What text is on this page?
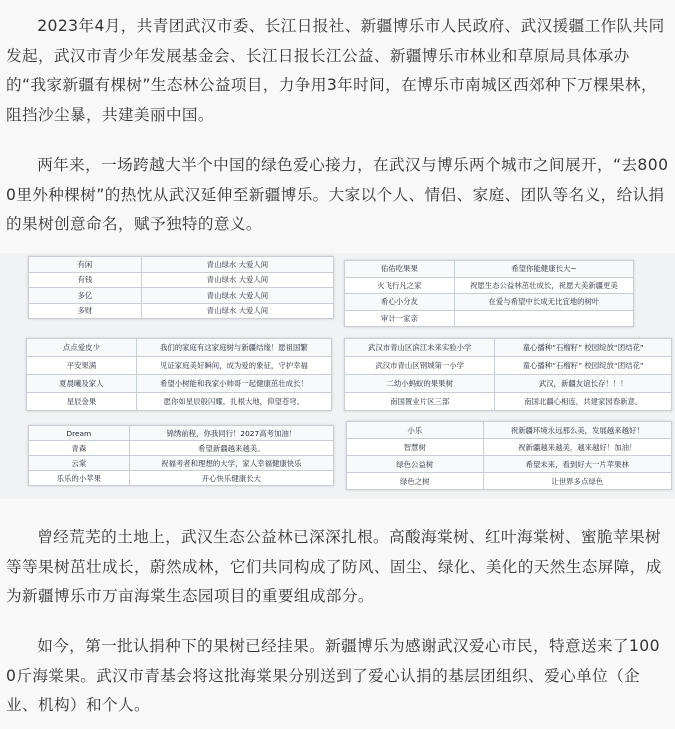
2023年4月，共青团武汉市委、长江日报社、新疆博乐市人民政府、武汉援疆工作队共同发起，武汉市青少年发展基金会、长江日报长江公益、新疆博乐市林业和草原局具体承办的“我家新疆有棵树”生态林公益项目，力争用3年时间，在博乐市南城区西郊种下万棵果林，阻挡沙尘暴，共建美丽中国。

两年来，一场跨越大半个中国的绿色爱心接力，在武汉与博乐两个城市之间展开，“去8000里外种棵树”的热忱从武汉延伸至新疆博乐。大家以个人、情侣、家庭、团队等名义，给认捐的果树创意命名，赋予独特的意义。

有闲	青山绿水 大爱人间
有钱	青山绿水 大爱人间
多亿	青山绿水 大爱人间
多财	青山绿水 大爱人间
佑佑吃果果	希望你能健康长大~
火飞行凡之家	祝愿生态公益林茁壮成长，祝愿大美新疆更美
希心小分友	在爱与希望中长成无比宜地的树叶
审计一家亲	
点点爱皮少	我们的家庭有这家庭树与新疆结缘！愿祖国繁
平安果满	见证家庭美好瞬间，成为爱的象征，守护幸福
夏晨曦及家人	希望小树能和我家小帅哥一起健康茁壮成长！
星辰金果	愿你如星辰般闪耀，扎根大地，仰望苍穹。
武汉市青山区滨江未来实验小学	童心播种“石榴籽” 校园绽放“团结花”
武汉市青山区钢城第一小学	童心播种“石榴籽” 校园绽放“团结花”
二幼小蚂蚁的果果树	武汉，新疆友谊长存！！！
南国置业片区三部	南国北疆心相连，共建家园春新意。
Dream	锦绣前程，你我同行！2027高考加油！
青森	希望新疆越来越美。
云棠	祝福考者和理想的大学，家人幸福健康快乐
乐乐的小苹果	开心快乐健康长大
小乐	祝新疆环境永远那么美，发展越来越好！
智慧树	祝新疆越来越美，越来越好！加油！
绿色公益树	希望未来，看到好大一片苹果林
绿色之树	让世界多点绿色

曾经荒芜的土地上，武汉生态公益林已深深扎根。高酸海棠树、红叶海棠树、蜜脆苹果树等等果树茁壮成长，蔚然成林，它们共同构成了防风、固尘、绿化、美化的天然生态屏障，成为新疆博乐市万亩海棠生态园项目的重要组成部分。

如今，第一批认捐种下的果树已经挂果。新疆博乐为感谢武汉爱心市民，特意送来了1000斤海棠果。武汉市青基会将这批海棠果分别送到了爱心认捐的基层团组织、爱心单位（企业、机构）和个人。
